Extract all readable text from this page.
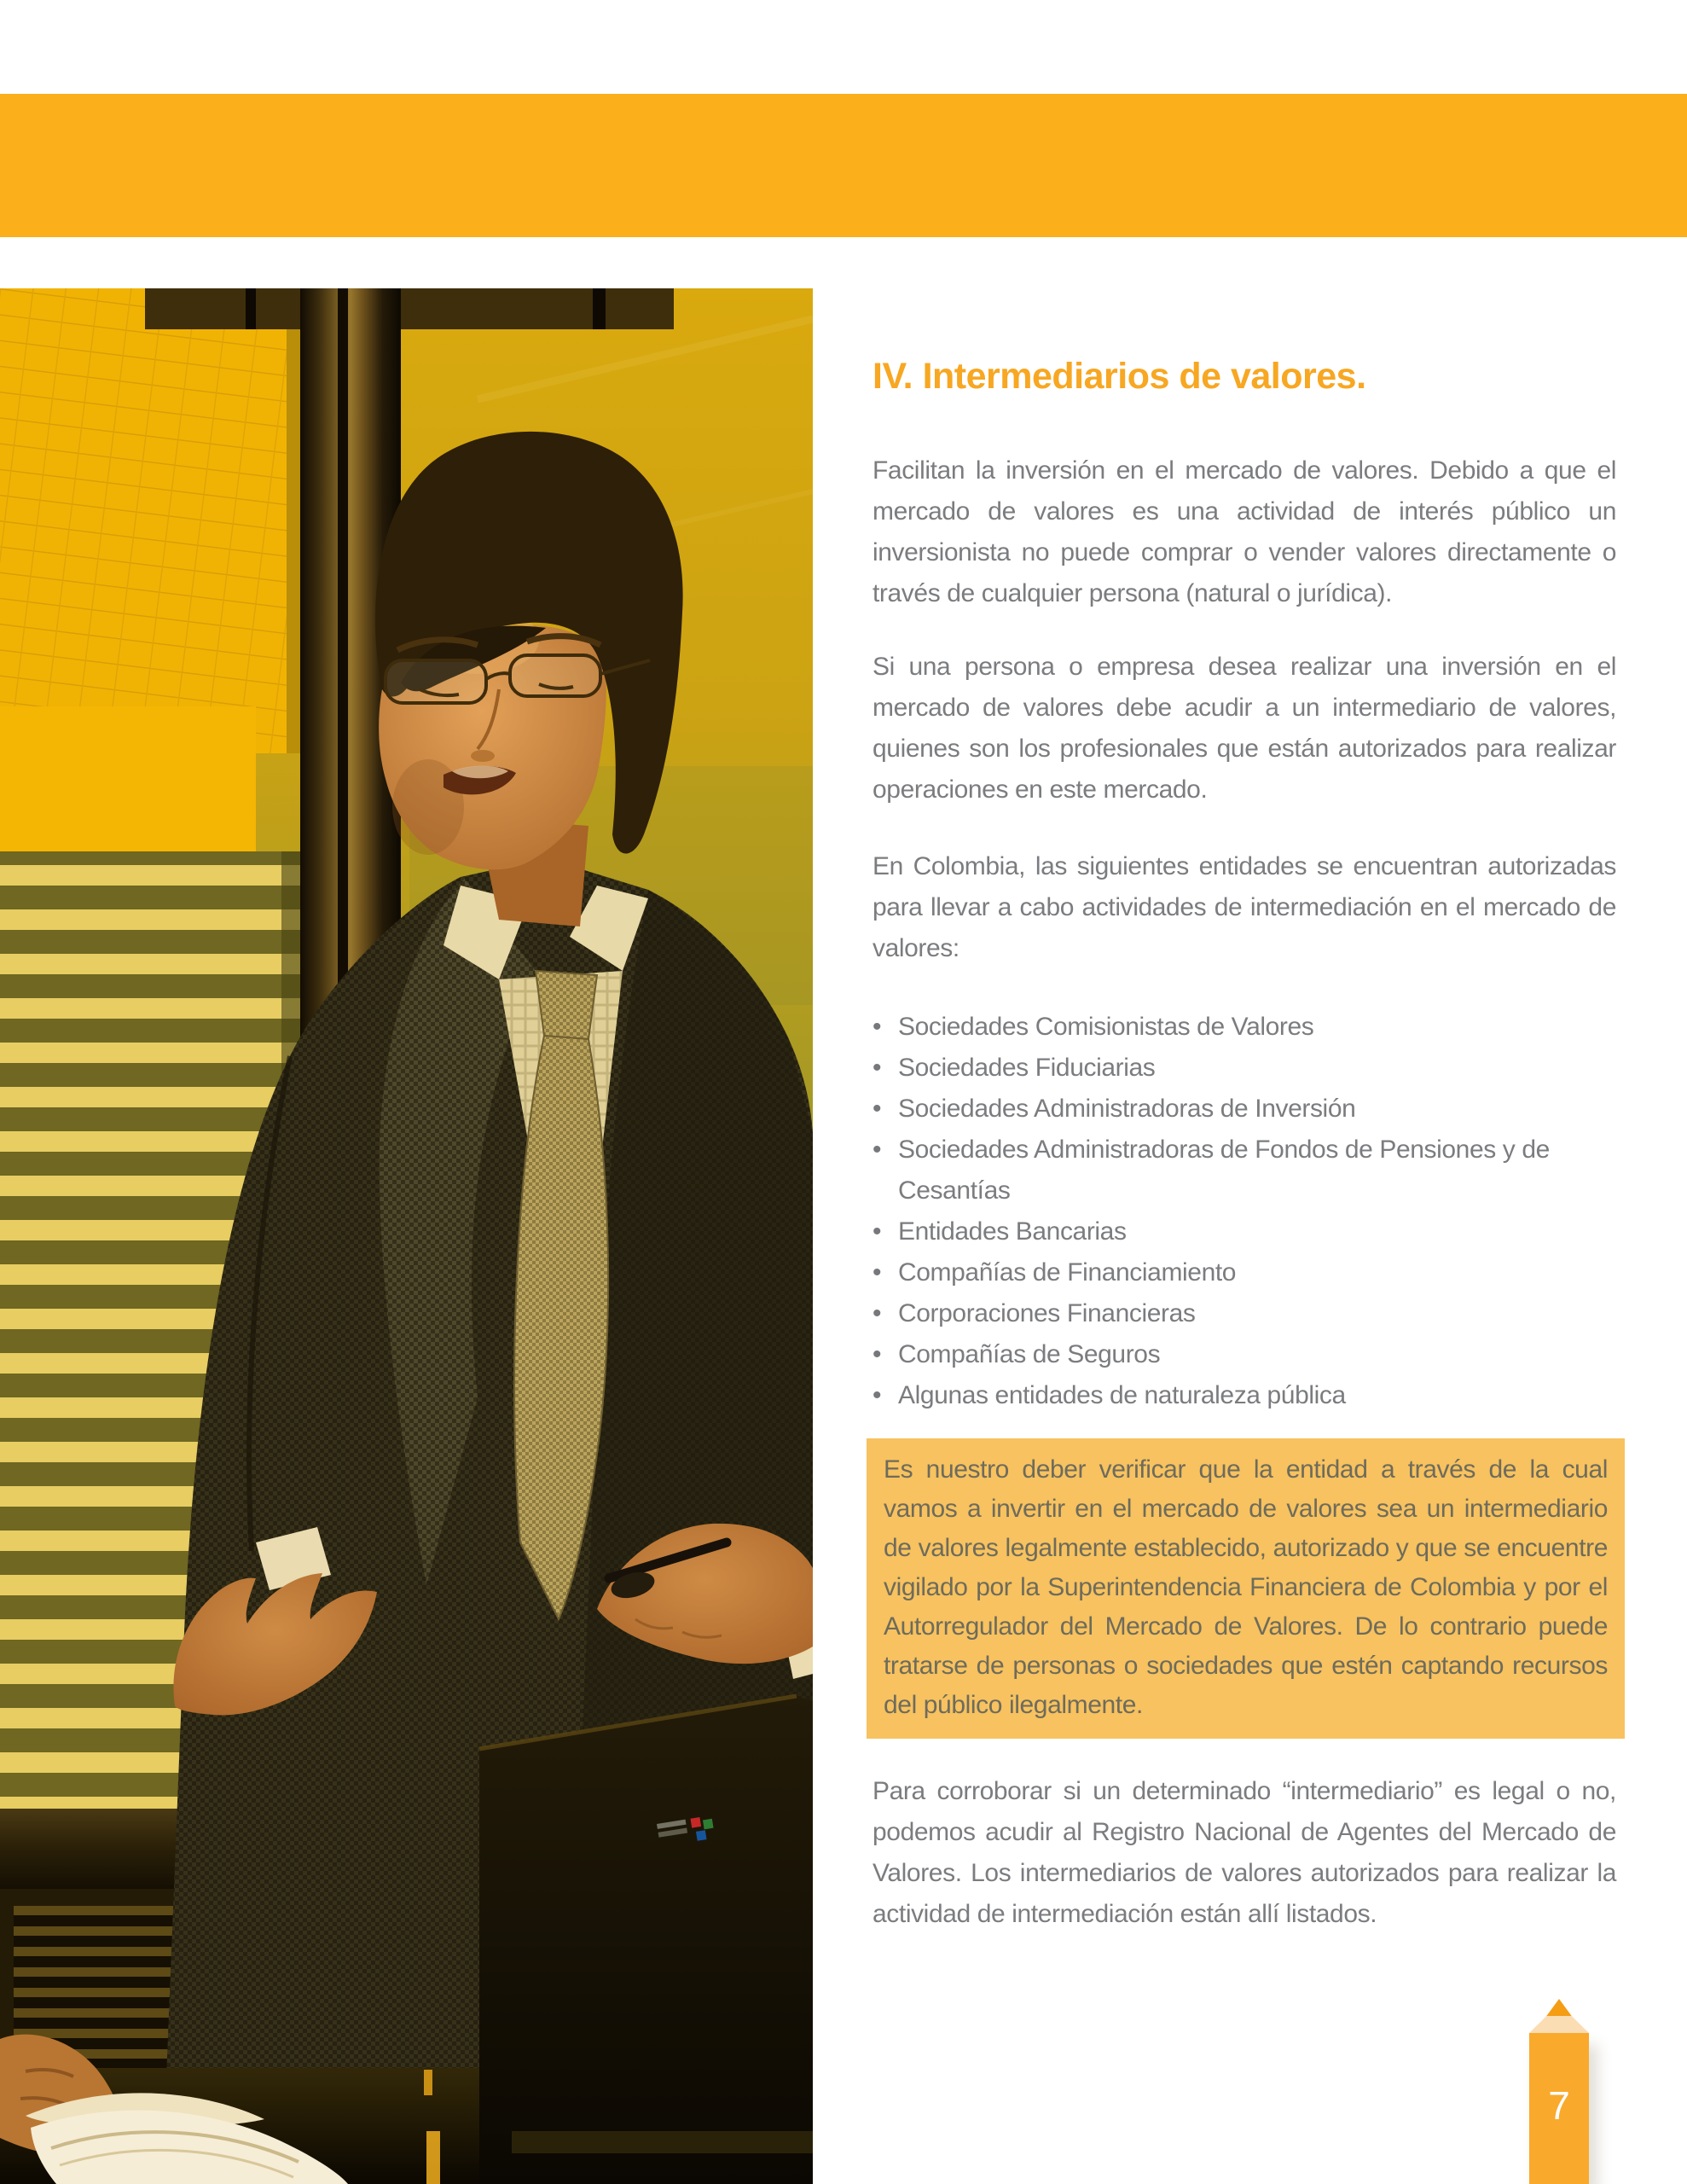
IV. Intermediarios de valores.

Facilitan la inversión en el mercado de valores. Debido a que el mercado de valores es una actividad de interés público un inversionista no puede comprar o vender valores directamente o través de cualquier persona (natural o jurídica).

Si una persona o empresa desea realizar una inversión en el mercado de valores debe acudir a un intermediario de valores, quienes son los profesionales que están autorizados para realizar operaciones en este mercado.

En Colombia, las siguientes entidades se encuentran autorizadas para llevar a cabo actividades de intermediación en el mercado de valores:

• Sociedades Comisionistas de Valores
• Sociedades Fiduciarias
• Sociedades Administradoras de Inversión
• Sociedades Administradoras de Fondos de Pensiones y de Cesantías
• Entidades Bancarias
• Compañías de Financiamiento
• Corporaciones Financieras
• Compañías de Seguros
• Algunas entidades de naturaleza pública

Es nuestro deber verificar que la entidad a través de la cual vamos a invertir en el mercado de valores sea un intermediario de valores legalmente establecido, autorizado y que se encuentre vigilado por la Superintendencia Financiera de Colombia y por el Autorregulador del Mercado de Valores. De lo contrario puede tratarse de personas o sociedades que estén captando recursos del público ilegalmente.

Para corroborar si un determinado “intermediario” es legal o no, podemos acudir al Registro Nacional de Agentes del Mercado de Valores. Los intermediarios de valores autorizados para realizar la actividad de intermediación están allí listados.

7
